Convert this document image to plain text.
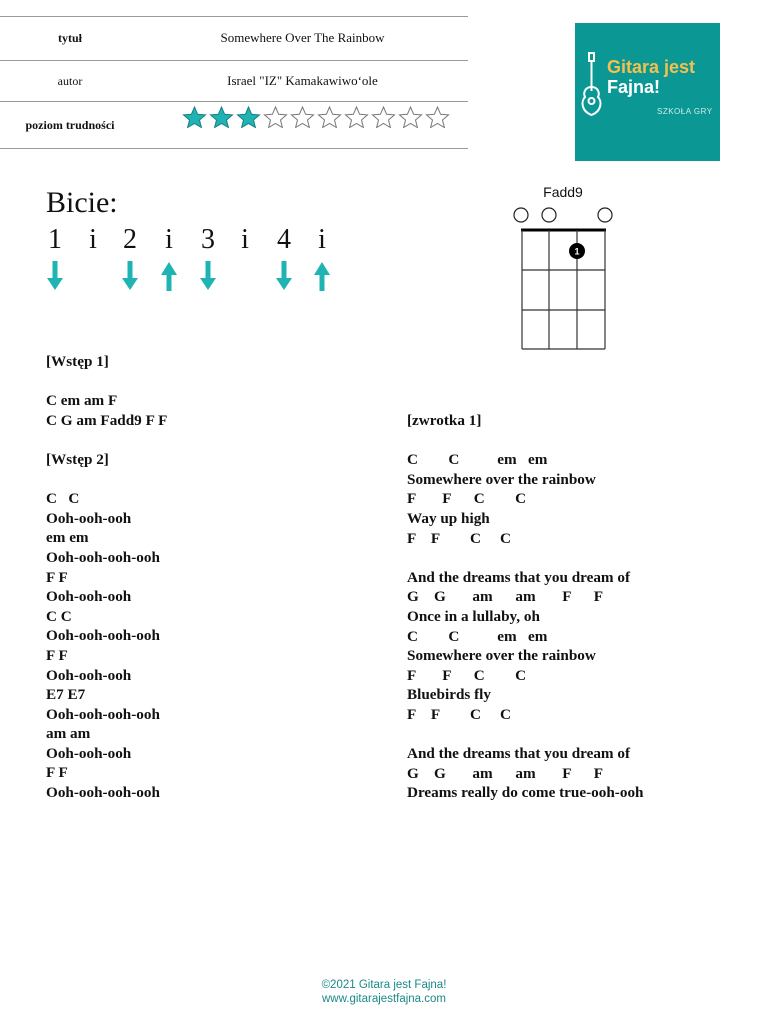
tytuł	Somewhere Over The Rainbow
autor	Israel "IZ" Kamakawiwo‘ole
poziom trudności
Gitara jest
Fajna!
SZKOŁA GRY
Bicie:
1 i 2 i 3 i 4 i
Fadd9
1
[Wstęp 1]
C em am F
C G am Fadd9 F F
[Wstęp 2]
C   C
Ooh-ooh-ooh
em em
Ooh-ooh-ooh-ooh
F F
Ooh-ooh-ooh
C C
Ooh-ooh-ooh-ooh
F F
Ooh-ooh-ooh
E7 E7
Ooh-ooh-ooh-ooh
am am
Ooh-ooh-ooh
F F
Ooh-ooh-ooh-ooh
[zwrotka 1]
C        C          em   em
Somewhere over the rainbow
F       F      C        C
Way up high
F    F        C     C
And the dreams that you dream of
G    G       am      am       F      F
Once in a lullaby, oh
C        C          em   em
Somewhere over the rainbow
F       F      C        C
Bluebirds fly
F    F        C     C
And the dreams that you dream of
G    G       am      am       F      F
Dreams really do come true-ooh-ooh
©2021 Gitara jest Fajna!
www.gitarajestfajna.com
